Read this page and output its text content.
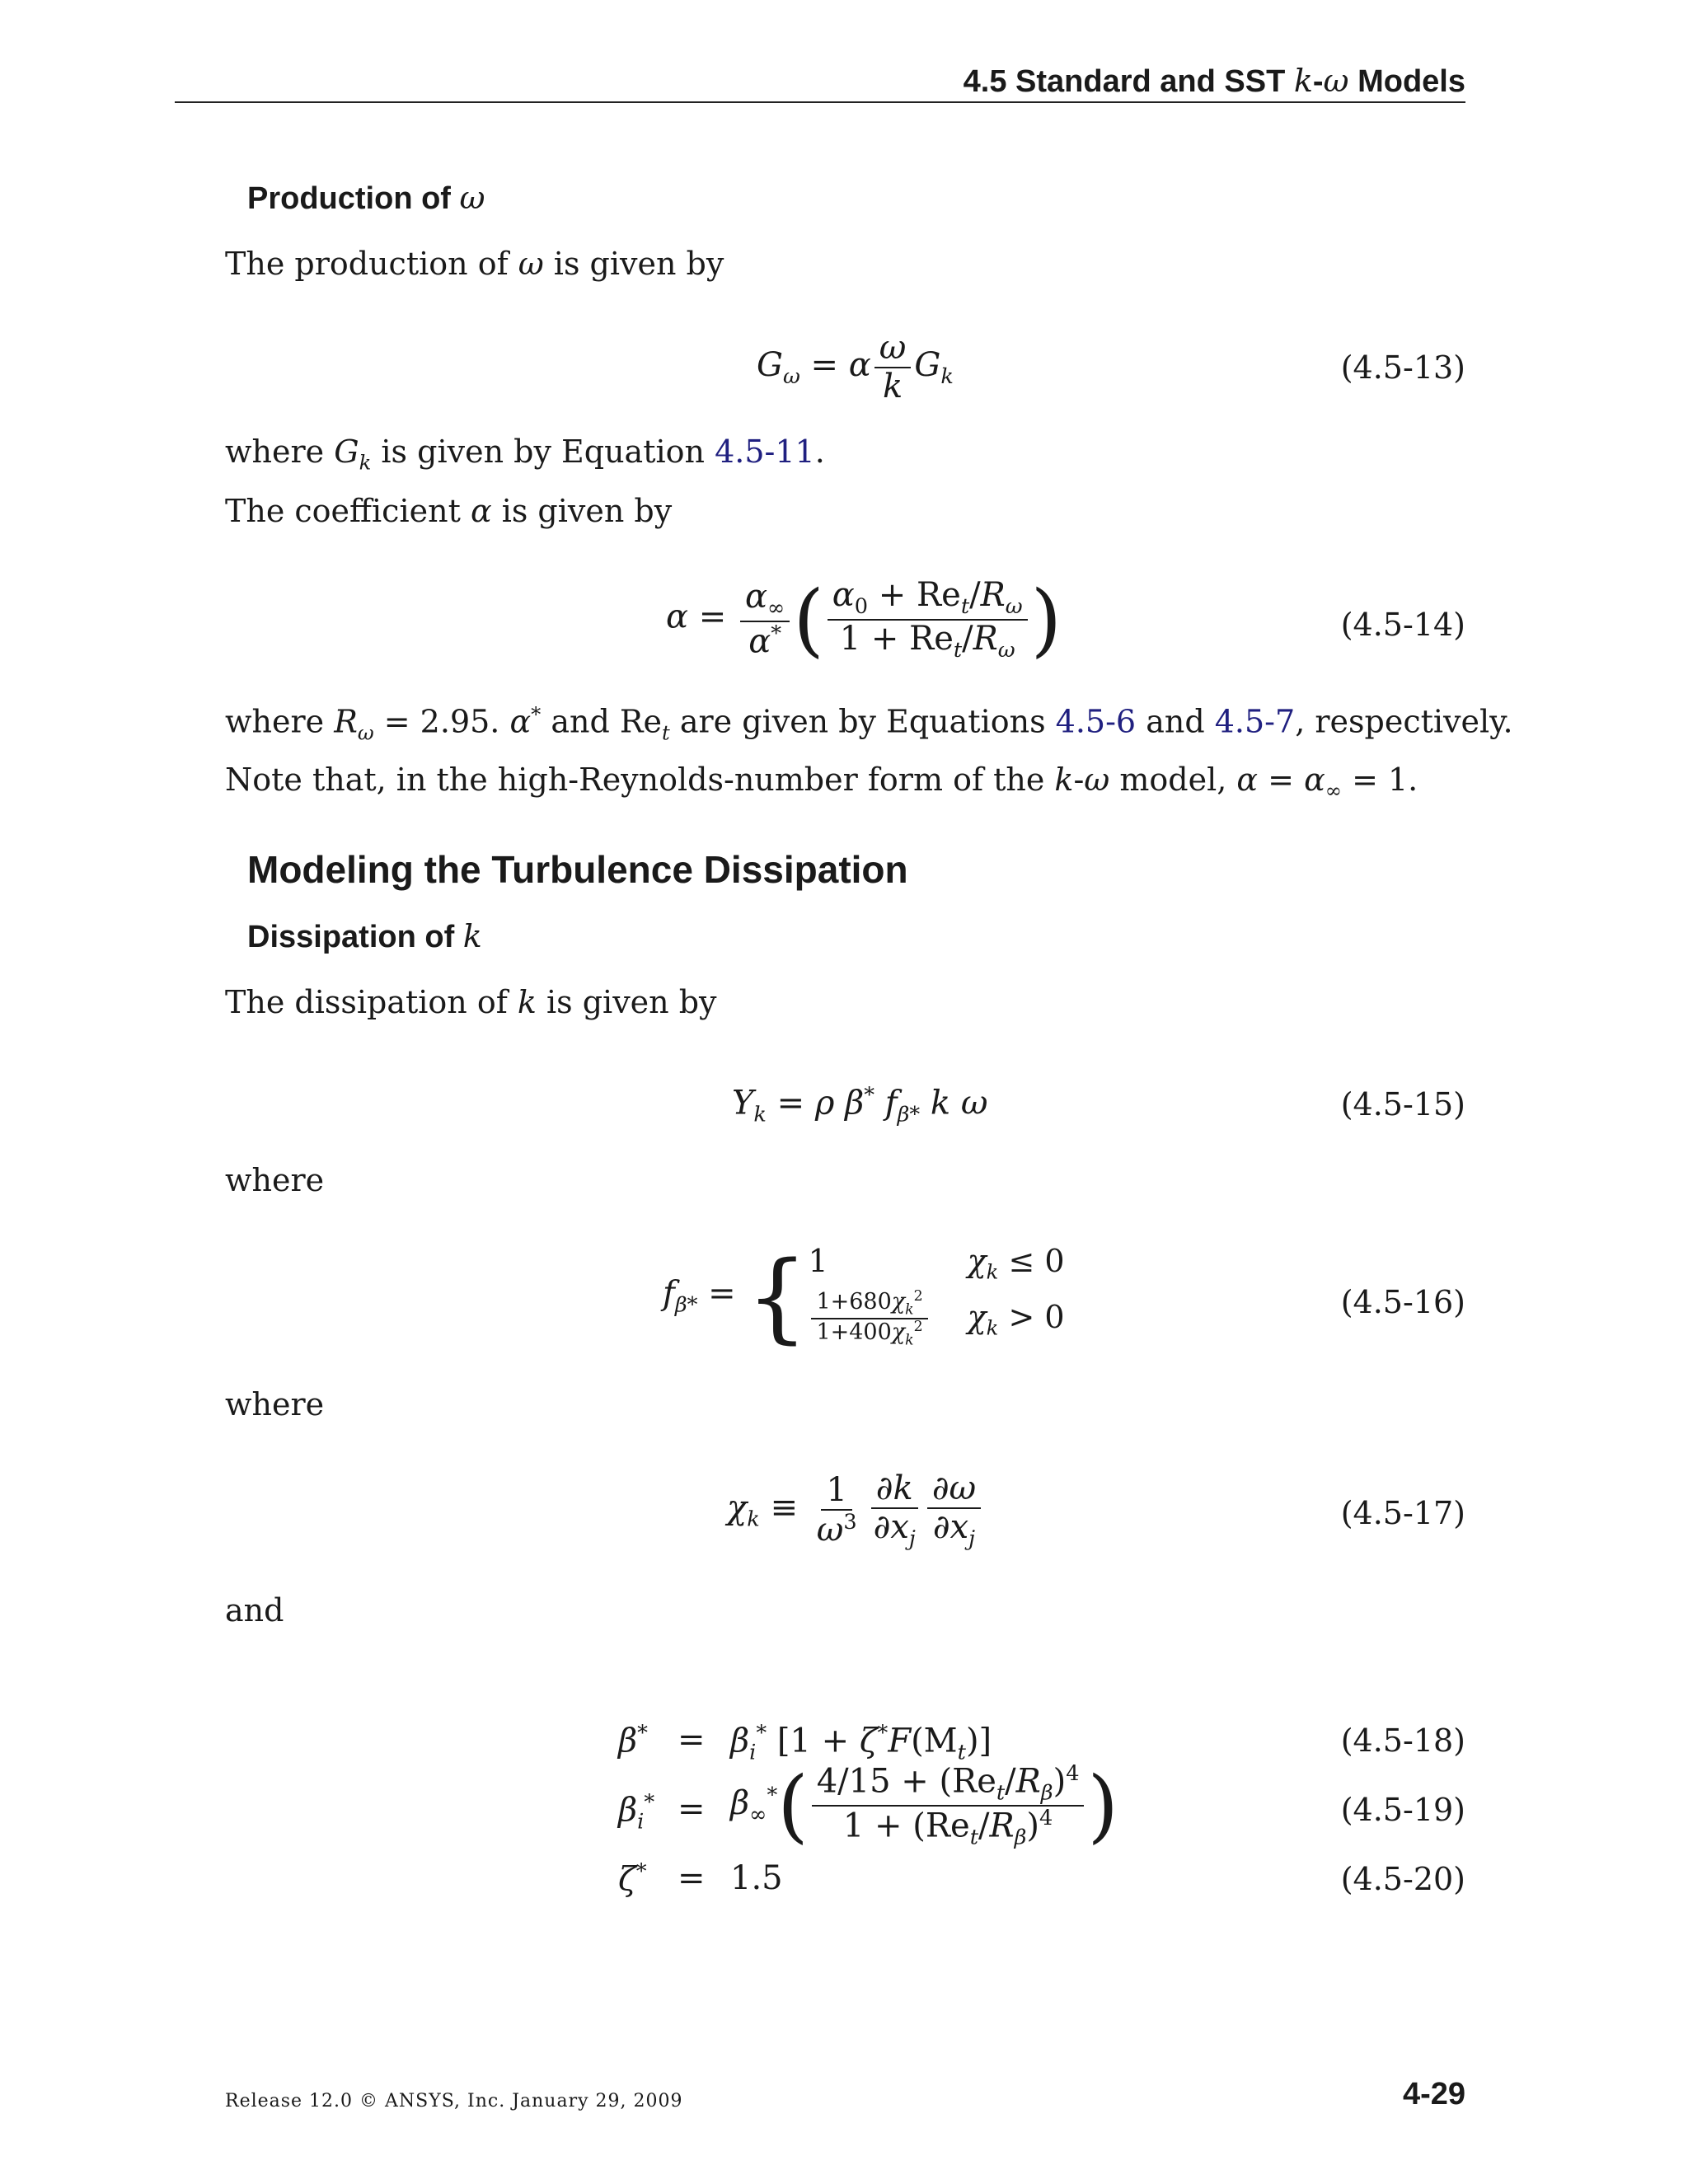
4.5 Standard and SST k-ω Models
Production of ω
The production of ω is given by
$G_\omega = \alpha \frac{\omega}{k} G_k$	(4.5-13)
where $G_k$ is given by Equation 4.5-11.
The coefficient α is given by
$\alpha = \frac{\alpha_\infty}{\alpha^*}$ ( $\frac{\alpha_0 + Re_t/R_\omega}{1 + Re_t/R_\omega}$ )	(4.5-14)
where $R_\omega = 2.95$. α* and $Re_t$ are given by Equations 4.5-6 and 4.5-7, respectively.
Note that, in the high-Reynolds-number form of the k-ω model, $\alpha = \alpha_\infty = 1$.
Modeling the Turbulence Dissipation
Dissipation of k
The dissipation of k is given by
$Y_k = \rho$ β* $f_{\beta*}$ k ω	(4.5-15)
where
$f_{\beta*}$ = { 1	$\chi_k \le 0$
$\frac{1+680\chi_k^2}{1+400\chi_k^2} \chi_k > 0$	(4.5-16)
where
$\chi_k \equiv \frac{1}{\omega^3} \frac{\partial k}{\partial x_j} \frac{\partial\omega}{\partial x_j}$	(4.5-17)
and
$\beta^* = \beta_i^*$ $[1 + \zeta^*F(M_t)]$	(4.5-18)
$\beta_i^* = \beta_\infty^*( \frac{4/15 + (Re_t/R_\beta)^4}{1 + (Re_t/R_\beta)^4}$ )	(4.5-19)
ζ* = 1.5	(4.5-20)
Release 12.0 © ANSYS, Inc. January 29, 2009	4-29
